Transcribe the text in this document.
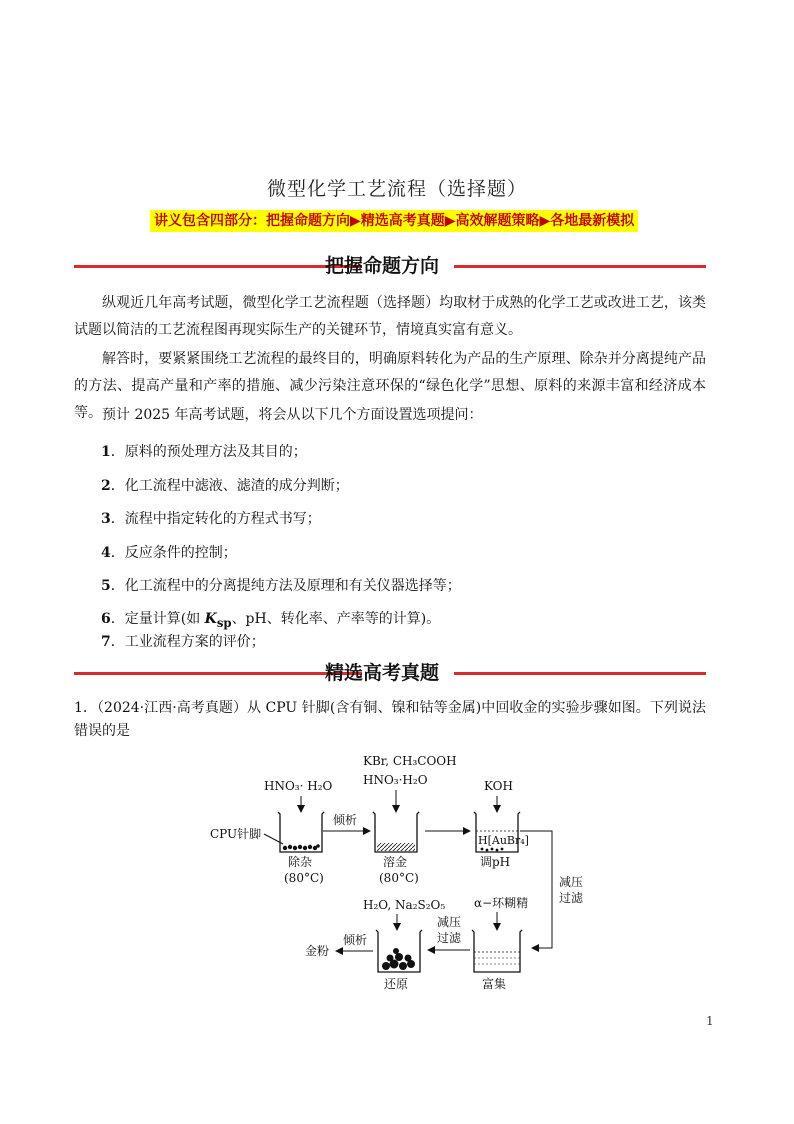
微型化学工艺流程（选择题）
讲义包含四部分：把握命题方向▶精选高考真题▶高效解题策略▶各地最新模拟
把握命题方向
纵观近几年高考试题，微型化学工艺流程题（选择题）均取材于成熟的化学工艺或改进工艺，该类试题以简洁的工艺流程图再现实际生产的关键环节，情境真实富有意义。
解答时，要紧紧围绕工艺流程的最终目的，明确原料转化为产品的生产原理、除杂并分离提纯产品的方法、提高产量和产率的措施、减少污染注意环保的“绿色化学”思想、原料的来源丰富和经济成本等。 预计 2025 年高考试题，将会从以下几个方面设置选项提问：
1．原料的预处理方法及其目的；
2．化工流程中滤液、滤渣的成分判断；
3．流程中指定转化的方程式书写；
4．反应条件的控制；
5．化工流程中的分离提纯方法及原理和有关仪器选择等；
6．定量计算(如 $K_{sp}$、pH、转化率、产率等的计算)。
7．工业流程方案的评价；
精选高考真题
1．（2024·江西·高考真题）从 CPU 针脚(含有铜、镍和钴等金属)中回收金的实验步骤如图。下列说法错误的是
HNO₃· H₂O
KBr, CH₃COOH
HNO₃·H₂O	KOH
CPU针脚
除杂
(80°C)
倾析
溶金
(80°C)
H[AuBr₄]
调pH
减压
过滤
H₂O, Na₂S₂O₅ α−环糊精
富集
减压
过滤
还原
倾析
金粉
1
